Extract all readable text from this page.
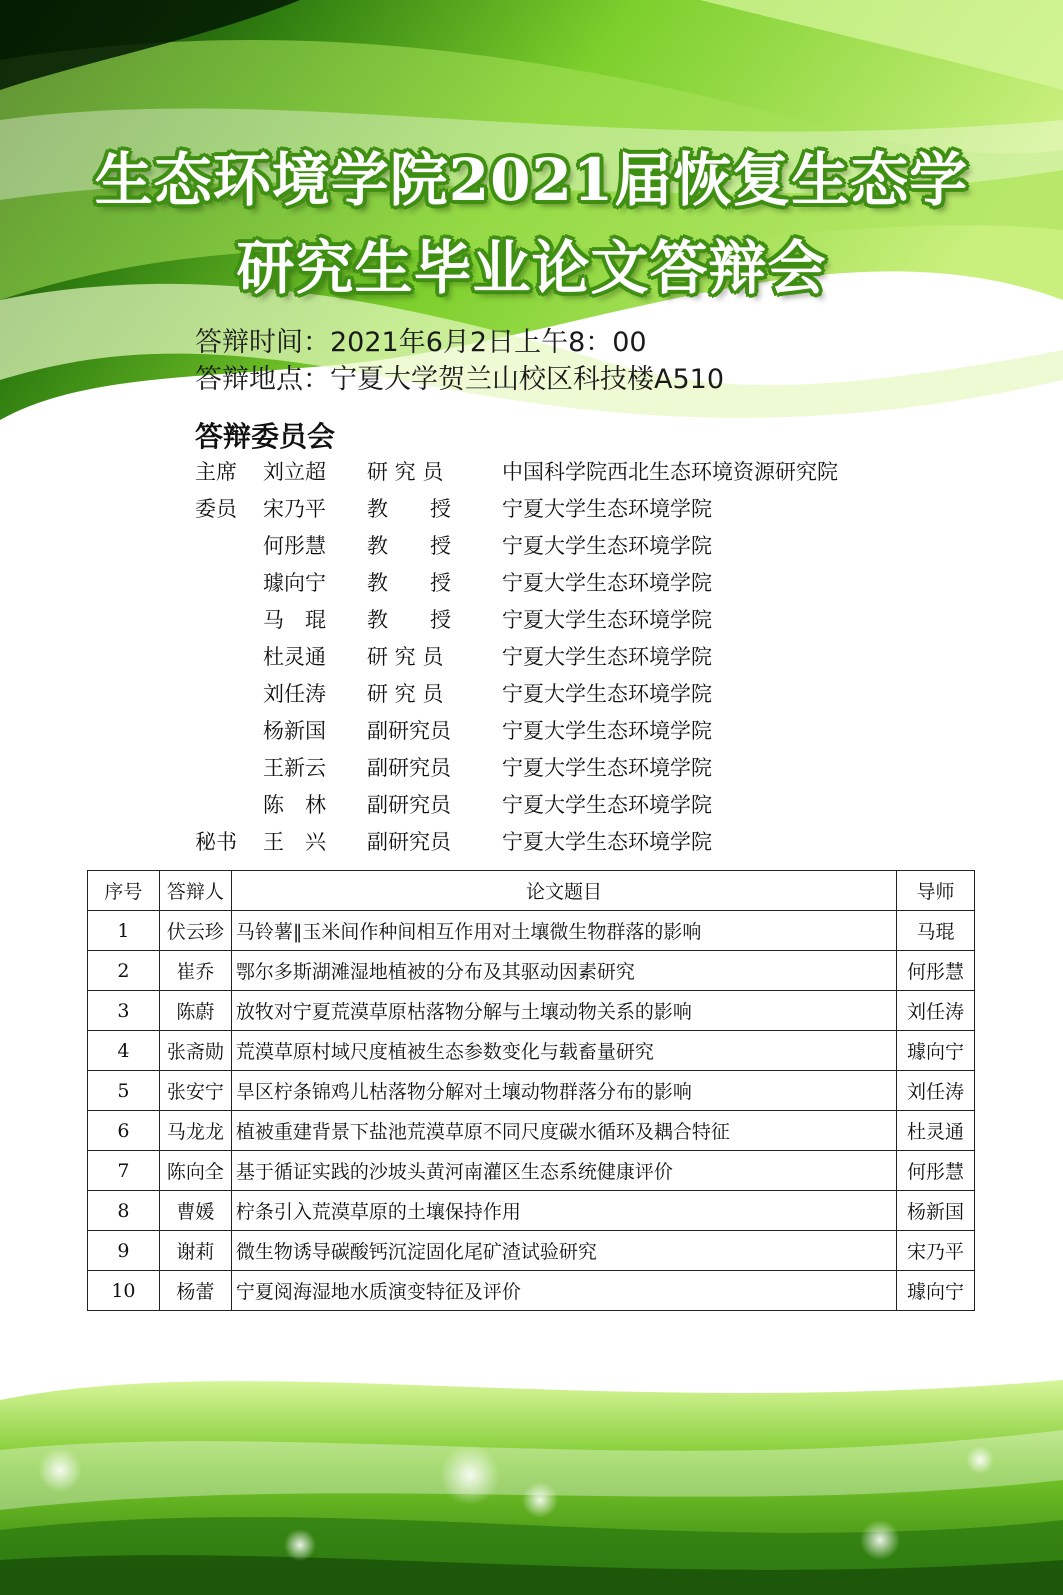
生态环境学院2021届恢复生态学
研究生毕业论文答辩会
答辩时间：2021年6月2日上午8：00
答辩地点：宁夏大学贺兰山校区科技楼A510
答辩委员会
主席	刘立超	研 究 员	中国科学院西北生态环境资源研究院
委员	宋乃平	教　　授	宁夏大学生态环境学院
何彤慧	教　　授	宁夏大学生态环境学院
璩向宁	教　　授	宁夏大学生态环境学院
马　琨	教　　授	宁夏大学生态环境学院
杜灵通	研 究 员	宁夏大学生态环境学院
刘任涛	研 究 员	宁夏大学生态环境学院
杨新国	副研究员	宁夏大学生态环境学院
王新云	副研究员	宁夏大学生态环境学院
陈　林	副研究员	宁夏大学生态环境学院
秘书	王　兴	副研究员	宁夏大学生态环境学院
序号	答辩人	论文题目	导师
1	伏云珍	马铃薯‖玉米间作种间相互作用对土壤微生物群落的影响	马琨
2	崔乔	鄂尔多斯湖滩湿地植被的分布及其驱动因素研究	何彤慧
3	陈蔚	放牧对宁夏荒漠草原枯落物分解与土壤动物关系的影响	刘任涛
4	张斋勋	荒漠草原村域尺度植被生态参数变化与载畜量研究	璩向宁
5	张安宁	旱区柠条锦鸡儿枯落物分解对土壤动物群落分布的影响	刘任涛
6	马龙龙	植被重建背景下盐池荒漠草原不同尺度碳水循环及耦合特征	杜灵通
7	陈向全	基于循证实践的沙坡头黄河南灌区生态系统健康评价	何彤慧
8	曹媛	柠条引入荒漠草原的土壤保持作用	杨新国
9	谢莉	微生物诱导碳酸钙沉淀固化尾矿渣试验研究	宋乃平
10	杨蕾	宁夏阅海湿地水质演变特征及评价	璩向宁
